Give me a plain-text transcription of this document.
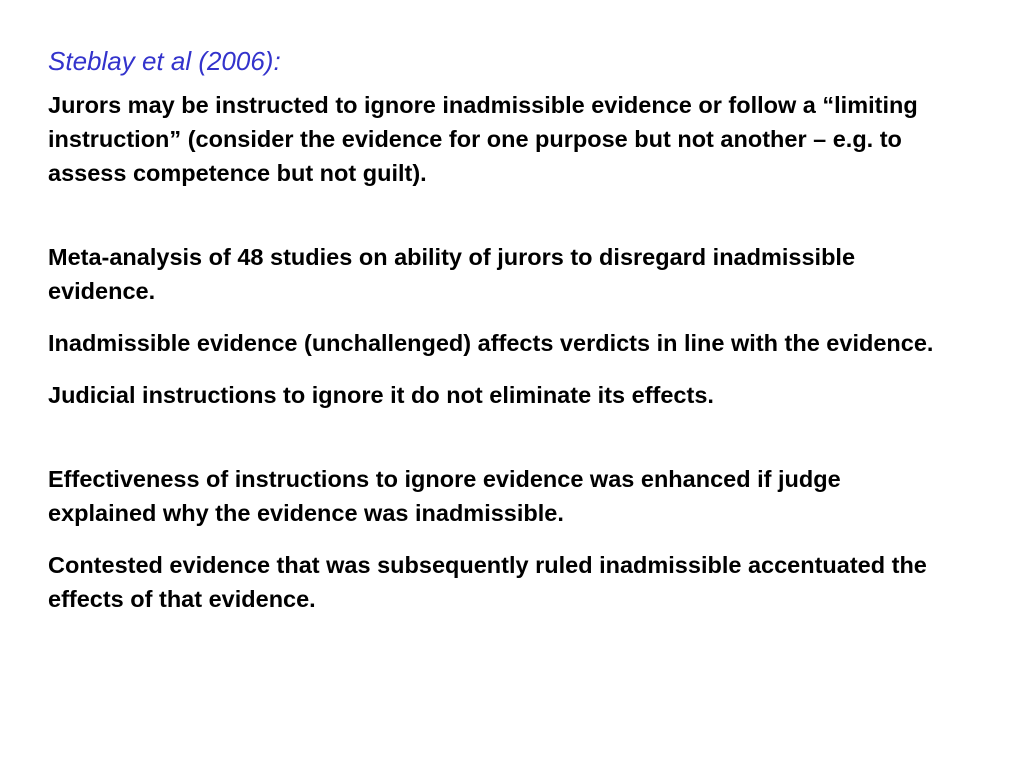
Steblay et al (2006):

Jurors may be instructed to ignore inadmissible evidence or follow a “limiting instruction” (consider the evidence for one purpose but not another – e.g. to assess competence but not guilt).

Meta-analysis of 48 studies on ability of jurors to disregard inadmissible evidence.

Inadmissible evidence (unchallenged) affects verdicts in line with the evidence.

Judicial instructions to ignore it do not eliminate its effects.

Effectiveness of instructions to ignore evidence was enhanced if judge explained why the evidence was inadmissible.

Contested evidence that was subsequently ruled inadmissible accentuated the effects of that evidence.
